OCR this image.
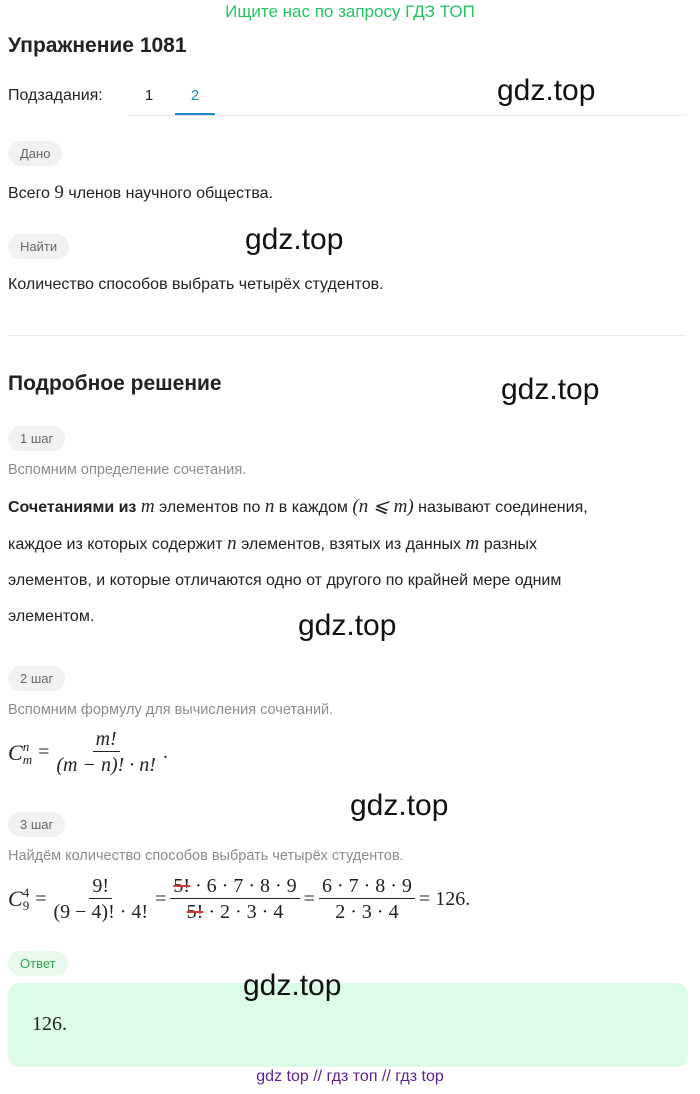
Ищите нас по запросу ГДЗ ТОП
Упражнение 1081
Подзадания:	1	2	gdz.top
Дано
Всего 9 членов научного общества.
Найти	gdz.top
Количество способов выбрать четырёх студентов.
Подробное решение	gdz.top
1 шаг
Вспомним определение сочетания.
Сочетаниями из m элементов по n в каждом (n ⩽ m) называют соединения,
каждое из которых содержит n элементов, взятых из данных m разных
элементов, и которые отличаются одно от другого по крайней мере одним
элементом.	gdz.top
2 шаг
Вспомним формулу для вычисления сочетаний.
C n
$m = \frac{m!}{(m - n)! \cdot n!}$ .
gdz.top
3 шаг
Найдём количество способов выбрать четырёх студентов.
C 4
$9 = \frac{9!}{(9 - 4)! \cdot 4!} = \frac{5! \cdot 6 \cdot 7 \cdot 8 \cdot 9}{5! \cdot 2 \cdot 3 \cdot 4} = \frac{6 \cdot 7 \cdot 8 \cdot 9}{2 \cdot 3 \cdot 4} = 126$.
Ответ
126.
gdz.top
gdz top // гдз топ // гдз top
